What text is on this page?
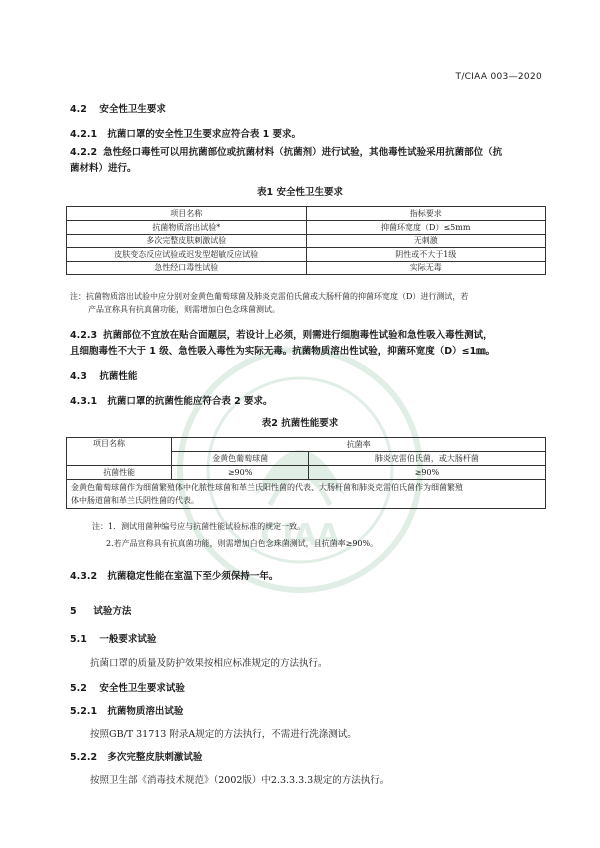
CIAA
T/CIAA 003—2020
4.2 安全性卫生要求
4.2.1 抗菌口罩的安全性卫生要求应符合表 1 要求。
4.2.2 急性经口毒性可以用抗菌部位或抗菌材料（抗菌剂）进行试验，其他毒性试验采用抗菌部位（抗
菌材料）进行。
表1 安全性卫生要求
项目名称	指标要求
抗菌物质溶出试验*	抑菌环宽度（D）≤5mm
多次完整皮肤刺激试验	无刺激
皮肤变态反应试验或迟发型超敏反应试验	阴性或不大于1级
急性经口毒性试验	实际无毒
注：抗菌物质溶出试验中应分别对金黄色葡萄球菌及肺炎克雷伯氏菌或大肠杆菌的抑菌环宽度（D）进行测试，若
产品宣称具有抗真菌功能，则需增加白色念珠菌测试。
4.2.3 抗菌部位不宜放在贴合面题层，若设计上必须，则需进行细胞毒性试验和急性吸入毒性测试，
且细胞毒性不大于 1 级、急性吸入毒性为实际无毒。抗菌物质溶出性试验，抑菌环宽度（D）≤1㎜。
4.3 抗菌性能
4.3.1 抗菌口罩的抗菌性能应符合表 2 要求。
表2 抗菌性能要求
项目名称	抗菌率	
	金黄色葡萄球菌	肺炎克雷伯氏菌，或大肠杆菌
抗菌性能	≥90%	≥90%

金黄色葡萄球菌作为细菌繁殖体中化脓性球菌和革兰氏阳性菌的代表、大肠杆菌和肺炎克雷伯氏菌作为细菌繁殖
体中肠道菌和革兰氏阴性菌的代表。		
注：1．测试用菌种编号应与抗菌性能试验标准的规定一致。
2.若产品宣称具有抗真菌功能，则需增加白色念珠菌测试，且抗菌率≥90%。
4.3.2 抗菌稳定性能在室温下至少须保持一年。
5 试验方法
5.1 一般要求试验
抗菌口罩的质量及防护效果按相应标准规定的方法执行。
5.2 安全性卫生要求试验
5.2.1 抗菌物质溶出试验
按照GB/T 31713 附录A规定的方法执行，不需进行洗涤测试。
5.2.2 多次完整皮肤刺激试验
按照卫生部《消毒技术规范》（2002版）中2.3.3.3.3规定的方法执行。
